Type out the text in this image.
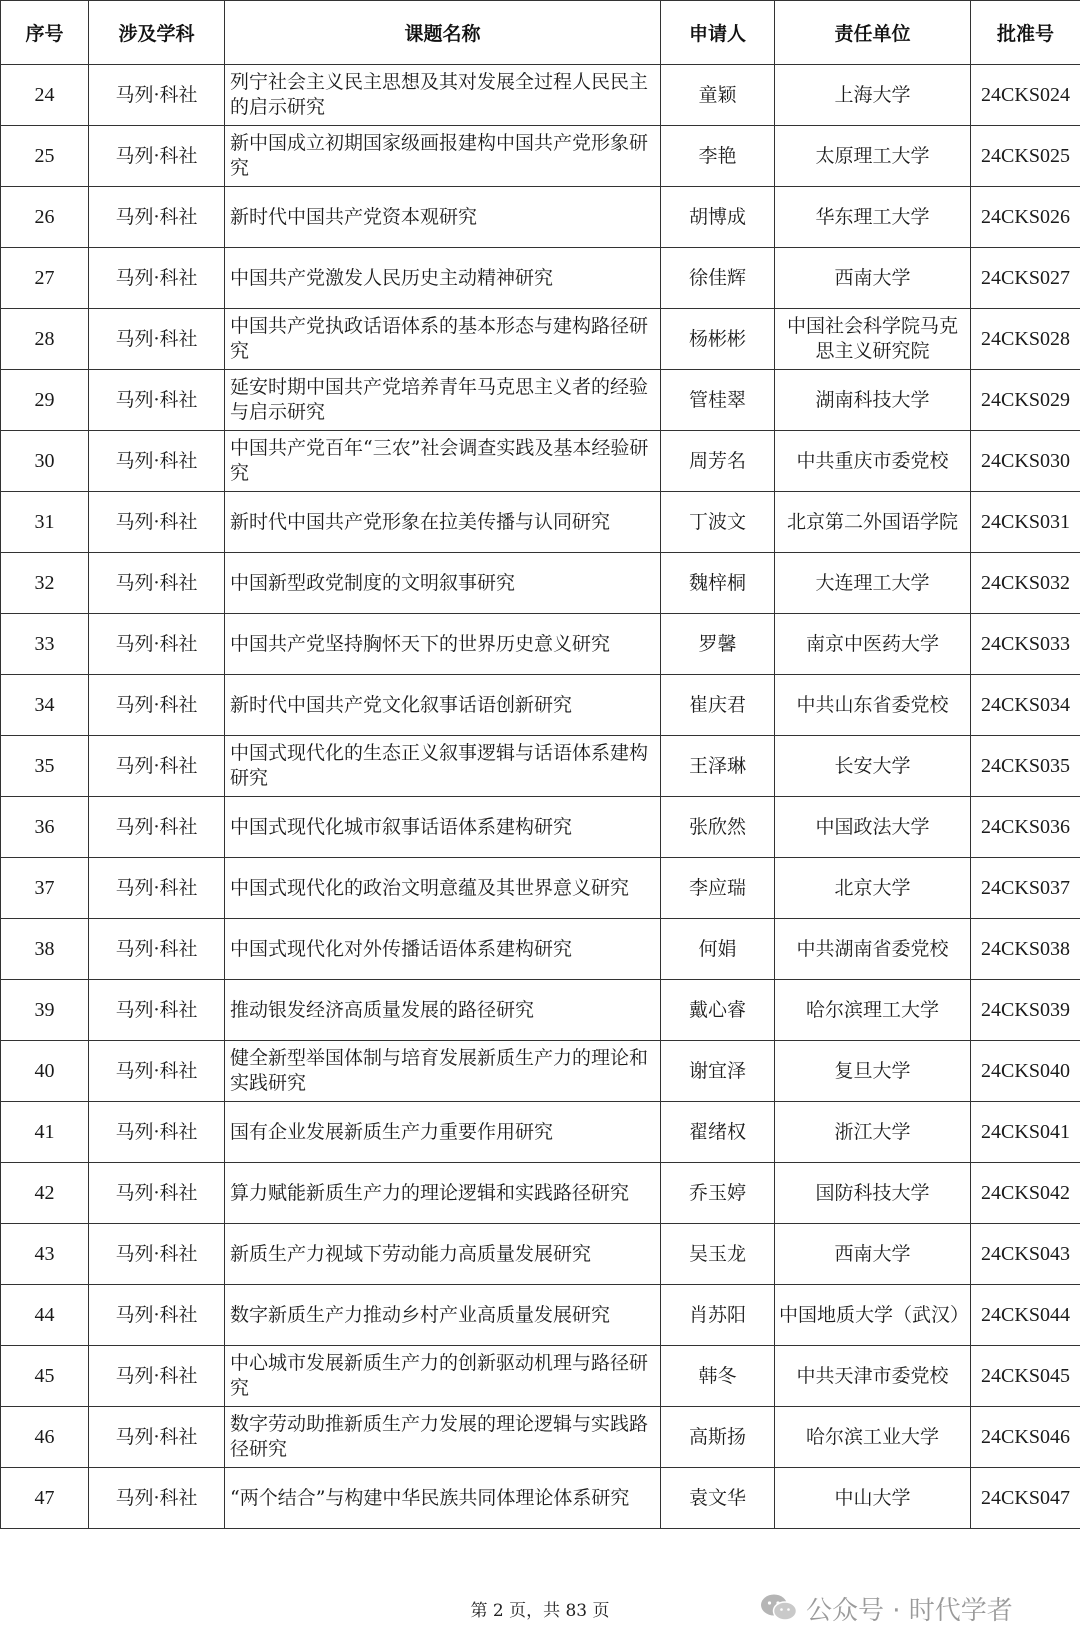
序号	涉及学科	课题名称	申请人	责任单位	批准号
24	马列·科社	列宁社会主义民主思想及其对发展全过程人民民主的启示研究	童颖	上海大学	24CKS024
25	马列·科社	新中国成立初期国家级画报建构中国共产党形象研究	李艳	太原理工大学	24CKS025
26	马列·科社	新时代中国共产党资本观研究	胡博成	华东理工大学	24CKS026
27	马列·科社	中国共产党激发人民历史主动精神研究	徐佳辉	西南大学	24CKS027
28	马列·科社	中国共产党执政话语体系的基本形态与建构路径研究	杨彬彬	中国社会科学院马克思主义研究院	24CKS028
29	马列·科社	延安时期中国共产党培养青年马克思主义者的经验与启示研究	管桂翠	湖南科技大学	24CKS029
30	马列·科社	中国共产党百年“三农”社会调查实践及基本经验研究	周芳名	中共重庆市委党校	24CKS030
31	马列·科社	新时代中国共产党形象在拉美传播与认同研究	丁波文	北京第二外国语学院	24CKS031
32	马列·科社	中国新型政党制度的文明叙事研究	魏梓桐	大连理工大学	24CKS032
33	马列·科社	中国共产党坚持胸怀天下的世界历史意义研究	罗馨	南京中医药大学	24CKS033
34	马列·科社	新时代中国共产党文化叙事话语创新研究	崔庆君	中共山东省委党校	24CKS034
35	马列·科社	中国式现代化的生态正义叙事逻辑与话语体系建构研究	王泽琳	长安大学	24CKS035
36	马列·科社	中国式现代化城市叙事话语体系建构研究	张欣然	中国政法大学	24CKS036
37	马列·科社	中国式现代化的政治文明意蕴及其世界意义研究	李应瑞	北京大学	24CKS037
38	马列·科社	中国式现代化对外传播话语体系建构研究	何娟	中共湖南省委党校	24CKS038
39	马列·科社	推动银发经济高质量发展的路径研究	戴心睿	哈尔滨理工大学	24CKS039
40	马列·科社	健全新型举国体制与培育发展新质生产力的理论和实践研究	谢宜泽	复旦大学	24CKS040
41	马列·科社	国有企业发展新质生产力重要作用研究	翟绪权	浙江大学	24CKS041
42	马列·科社	算力赋能新质生产力的理论逻辑和实践路径研究	乔玉婷	国防科技大学	24CKS042
43	马列·科社	新质生产力视域下劳动能力高质量发展研究	吴玉龙	西南大学	24CKS043
44	马列·科社	数字新质生产力推动乡村产业高质量发展研究	肖苏阳	中国地质大学（武汉）	24CKS044
45	马列·科社	中心城市发展新质生产力的创新驱动机理与路径研究	韩冬	中共天津市委党校	24CKS045
46	马列·科社	数字劳动助推新质生产力发展的理论逻辑与实践路径研究	高斯扬	哈尔滨工业大学	24CKS046
47	马列·科社	“两个结合”与构建中华民族共同体理论体系研究	袁文华	中山大学	24CKS047
公众号 · 时代学者
第 2 页，共 83 页
